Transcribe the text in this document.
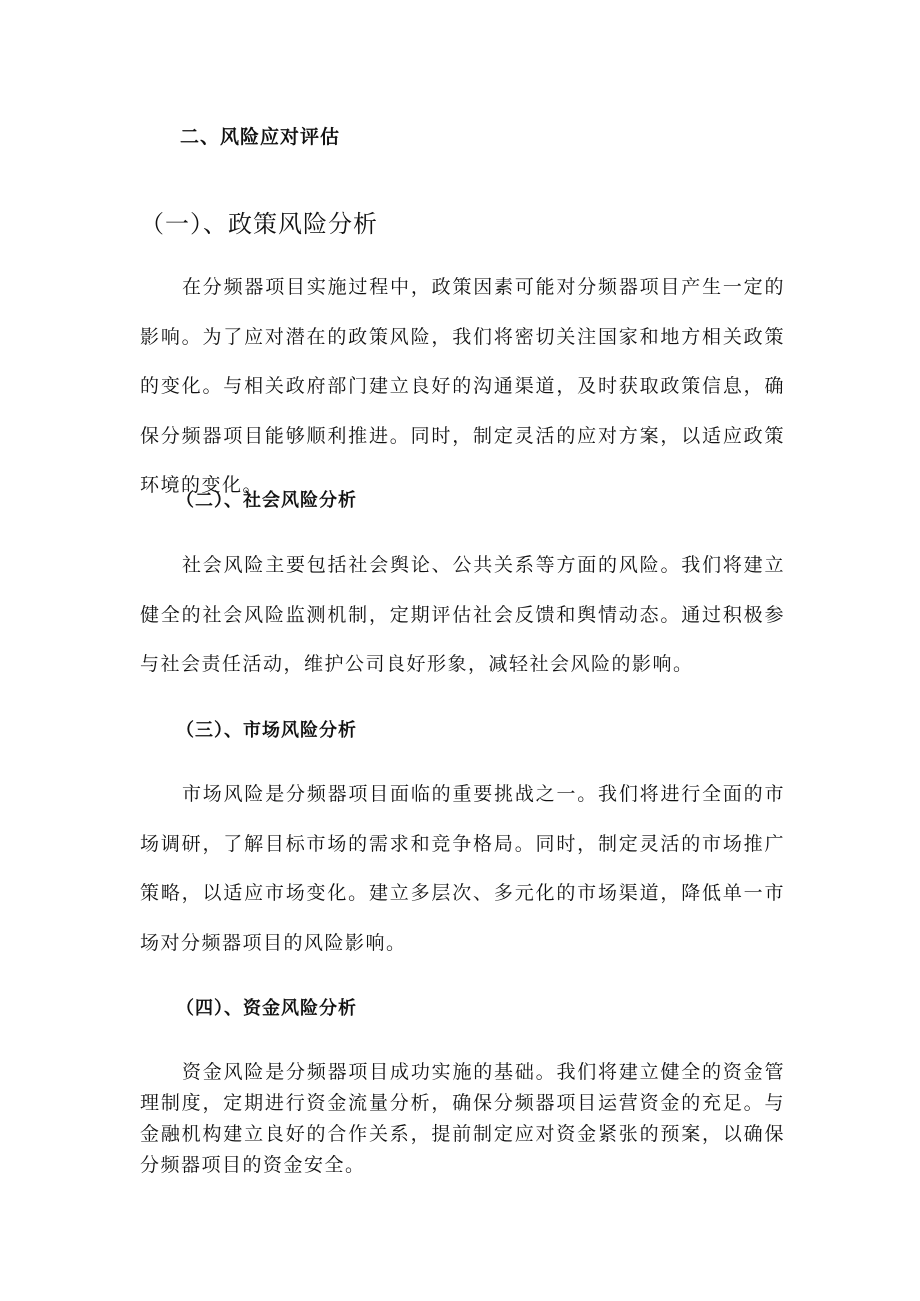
二、风险应对评估
（一）、政策风险分析
在分频器项目实施过程中，政策因素可能对分频器项目产生一定的影响。为了应对潜在的政策风险，我们将密切关注国家和地方相关政策的变化。与相关政府部门建立良好的沟通渠道，及时获取政策信息，确保分频器项目能够顺利推进。同时，制定灵活的应对方案，以适应政策环境的变化。
（二）、社会风险分析
社会风险主要包括社会舆论、公共关系等方面的风险。我们将建立健全的社会风险监测机制，定期评估社会反馈和舆情动态。通过积极参与社会责任活动，维护公司良好形象，减轻社会风险的影响。
（三）、市场风险分析
市场风险是分频器项目面临的重要挑战之一。我们将进行全面的市场调研，了解目标市场的需求和竞争格局。同时，制定灵活的市场推广策略，以适应市场变化。建立多层次、多元化的市场渠道，降低单一市场对分频器项目的风险影响。
（四）、资金风险分析
资金风险是分频器项目成功实施的基础。我们将建立健全的资金管理制度，定期进行资金流量分析，确保分频器项目运营资金的充足。与金融机构建立良好的合作关系，提前制定应对资金紧张的预案，以确保分频器项目的资金安全。
